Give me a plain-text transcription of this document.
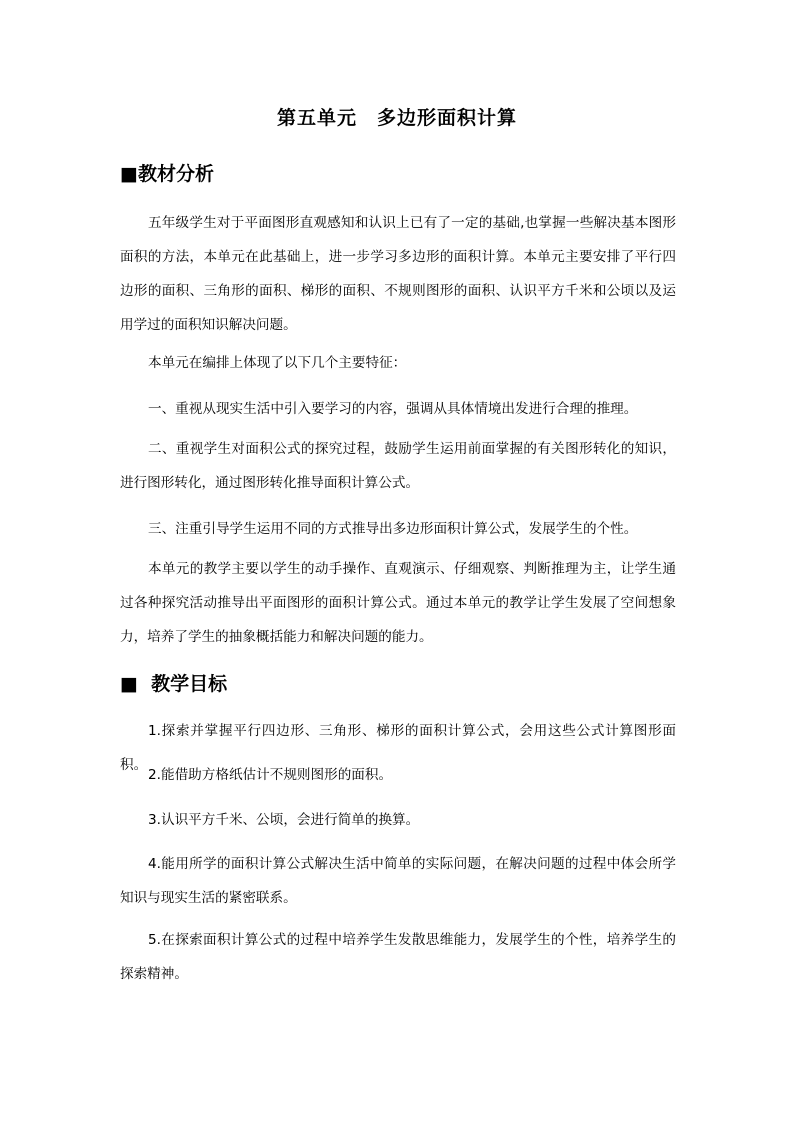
第五单元　多边形面积计算
■教材分析
五年级学生对于平面图形直观感知和认识上已有了一定的基础,也掌握一些解决基本图形面积的方法，本单元在此基础上，进一步学习多边形的面积计算。本单元主要安排了平行四边形的面积、三角形的面积、梯形的面积、不规则图形的面积、认识平方千米和公顷以及运用学过的面积知识解决问题。
本单元在编排上体现了以下几个主要特征：
一、重视从现实生活中引入要学习的内容，强调从具体情境出发进行合理的推理。
二、重视学生对面积公式的探究过程，鼓励学生运用前面掌握的有关图形转化的知识，进行图形转化，通过图形转化推导面积计算公式。
三、注重引导学生运用不同的方式推导出多边形面积计算公式，发展学生的个性。
本单元的教学主要以学生的动手操作、直观演示、仔细观察、判断推理为主，让学生通过各种探究活动推导出平面图形的面积计算公式。通过本单元的教学让学生发展了空间想象力，培养了学生的抽象概括能力和解决问题的能力。
■  教学目标
1.探索并掌握平行四边形、三角形、梯形的面积计算公式，会用这些公式计算图形面积。
2.能借助方格纸估计不规则图形的面积。
3.认识平方千米、公顷，会进行简单的换算。
4.能用所学的面积计算公式解决生活中简单的实际问题，在解决问题的过程中体会所学知识与现实生活的紧密联系。
5.在探索面积计算公式的过程中培养学生发散思维能力，发展学生的个性，培养学生的探索精神。
